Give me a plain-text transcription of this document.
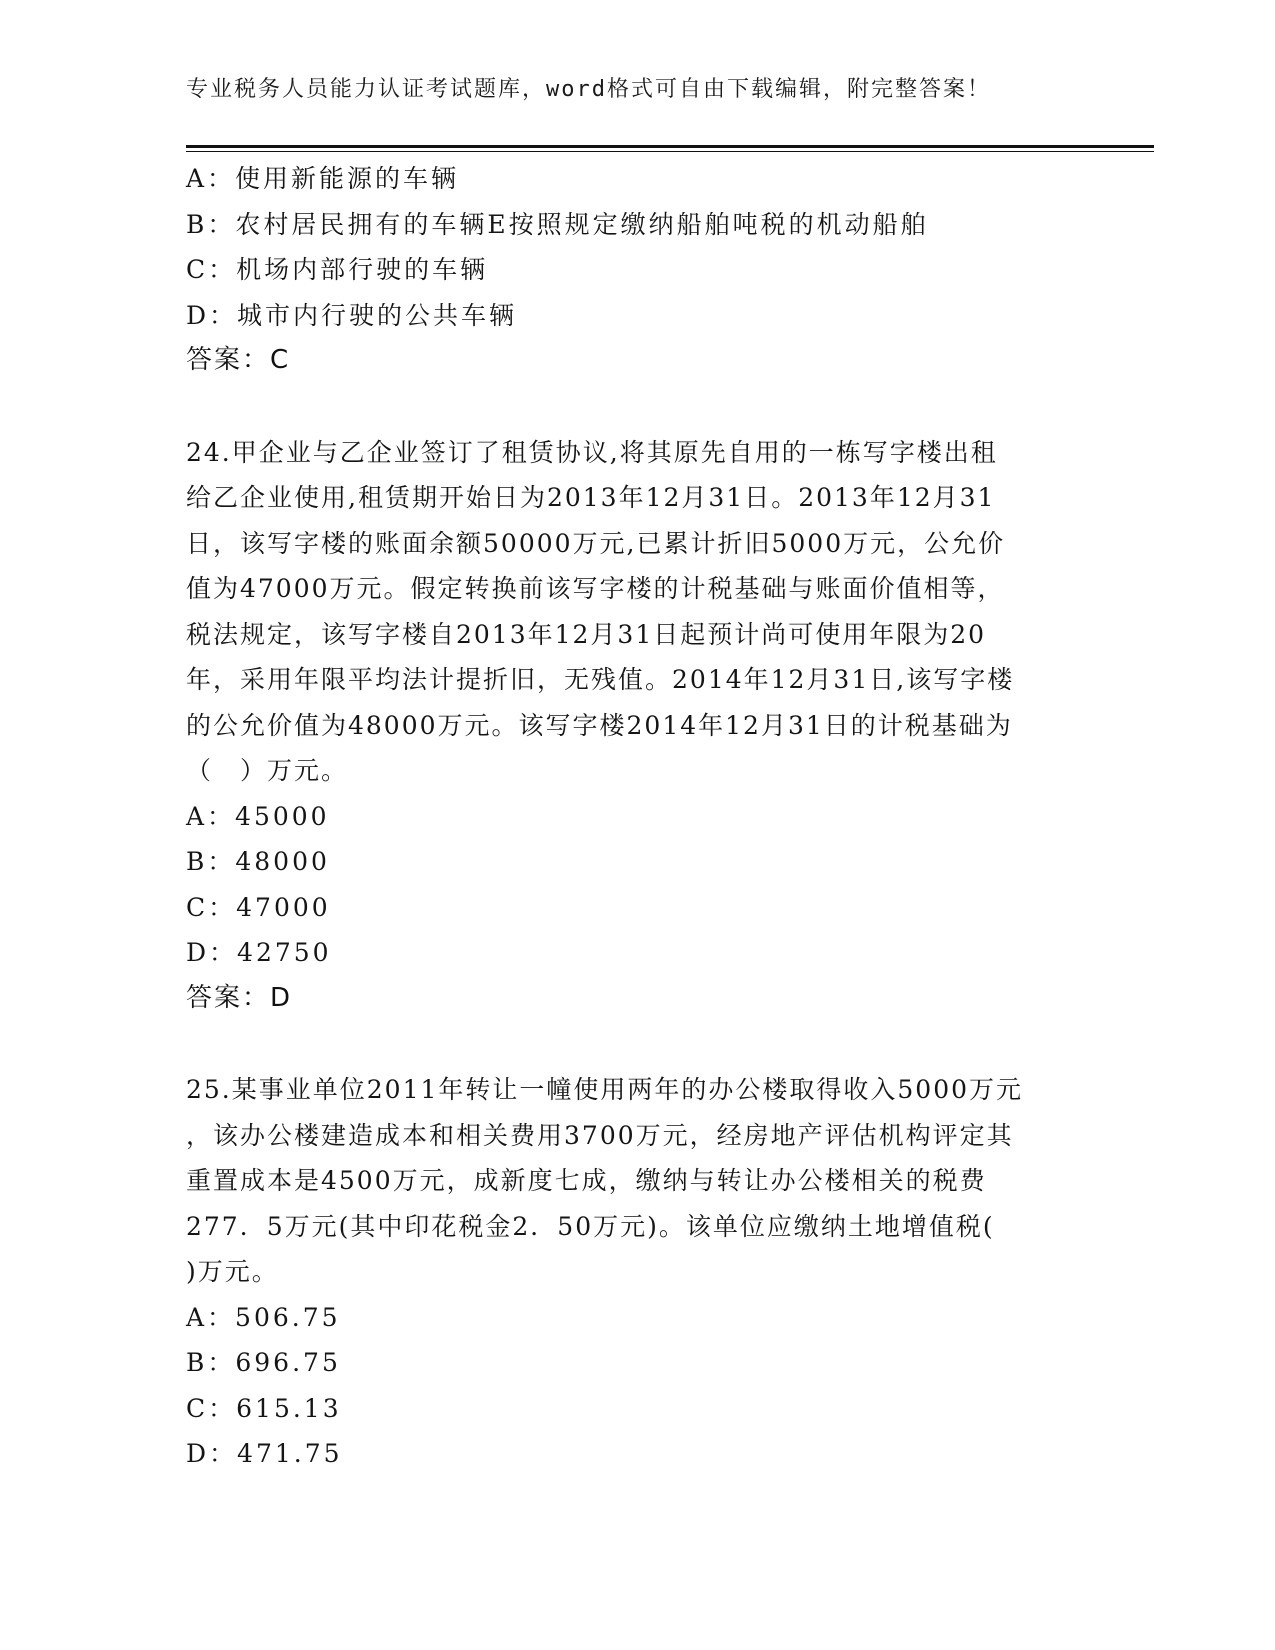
专业税务人员能力认证考试题库，word格式可自由下载编辑，附完整答案！
A：使用新能源的车辆
B：农村居民拥有的车辆E按照规定缴纳船舶吨税的机动船舶
C：机场内部行驶的车辆
D：城市内行驶的公共车辆
答案：C
24.甲企业与乙企业签订了租赁协议,将其原先自用的一栋写字楼出租
给乙企业使用,租赁期开始日为2013年12月31日。2013年12月31
日，该写字楼的账面余额50000万元,已累计折旧5000万元，公允价
值为47000万元。假定转换前该写字楼的计税基础与账面价值相等，
税法规定，该写字楼自2013年12月31日起预计尚可使用年限为20
年，采用年限平均法计提折旧，无残值。2014年12月31日,该写字楼
的公允价值为48000万元。该写字楼2014年12月31日的计税基础为
（　）万元。
A：45000
B：48000
C：47000
D：42750
答案：D
25.某事业单位2011年转让一幢使用两年的办公楼取得收入5000万元
，该办公楼建造成本和相关费用3700万元，经房地产评估机构评定其
重置成本是4500万元，成新度七成，缴纳与转让办公楼相关的税费
277．5万元(其中印花税金2．50万元)。该单位应缴纳土地增值税(
)万元。
A：506.75
B：696.75
C：615.13
D：471.75
